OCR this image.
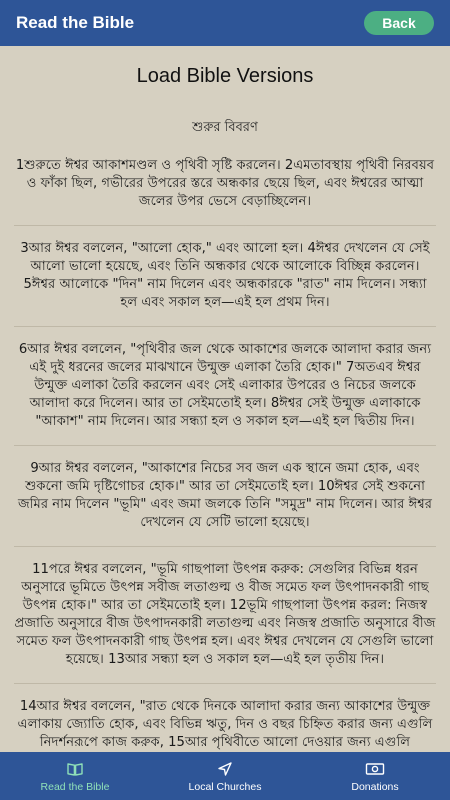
Read the Bible	Back
Load Bible Versions
শুরুর বিবরণ

1শুরুতে ঈশ্বর আকাশমণ্ডল ও পৃথিবী সৃষ্টি করলেন। 2এমতাবস্থায় পৃথিবী নিরবয়ব ও ফাঁকা ছিল, গভীরের উপরের স্তরে অন্ধকার ছেয়ে ছিল, এবং ঈশ্বরের আত্মা জলের উপর ভেসে বেড়াচ্ছিলেন।

3আর ঈশ্বর বললেন, "আলো হোক," এবং আলো হল। 4ঈশ্বর দেখলেন যে সেই আলো ভালো হয়েছে, এবং তিনি অন্ধকার থেকে আলোকে বিচ্ছিন্ন করলেন। 5ঈশ্বর আলোকে "দিন" নাম দিলেন এবং অন্ধকারকে "রাত" নাম দিলেন। সন্ধ্যা হল এবং সকাল হল—এই হল প্রথম দিন।

6আর ঈশ্বর বললেন, "পৃথিবীর জল থেকে আকাশের জলকে আলাদা করার জন্য এই দুই ধরনের জলের মাঝখানে উন্মুক্ত এলাকা তৈরি হোক।" 7অতএব ঈশ্বর উন্মুক্ত এলাকা তৈরি করলেন এবং সেই এলাকার উপরের ও নিচের জলকে আলাদা করে দিলেন। আর তা সেইমতোই হল। 8ঈশ্বর সেই উন্মুক্ত এলাকাকে "আকাশ" নাম দিলেন। আর সন্ধ্যা হল ও সকাল হল—এই হল দ্বিতীয় দিন।

9আর ঈশ্বর বললেন, "আকাশের নিচের সব জল এক স্থানে জমা হোক, এবং শুকনো জমি দৃষ্টিগোচর হোক।" আর তা সেইমতোই হল। 10ঈশ্বর সেই শুকনো জমির নাম দিলেন "ভূমি" এবং জমা জলকে তিনি "সমুদ্র" নাম দিলেন। আর ঈশ্বর দেখলেন যে সেটি ভালো হয়েছে।

11পরে ঈশ্বর বললেন, "ভূমি গাছপালা উৎপন্ন করুক: সেগুলির বিভিন্ন ধরন অনুসারে ভূমিতে উৎপন্ন সবীজ লতাগুল্ম ও বীজ সমেত ফল উৎপাদনকারী গাছ উৎপন্ন হোক।" আর তা সেইমতোই হল। 12ভূমি গাছপালা উৎপন্ন করল: নিজস্ব প্রজাতি অনুসারে বীজ উৎপাদনকারী লতাগুল্ম এবং নিজস্ব প্রজাতি অনুসারে বীজ সমেত ফল উৎপাদনকারী গাছ উৎপন্ন হল। এবং ঈশ্বর দেখলেন যে সেগুলি ভালো হয়েছে। 13আর সন্ধ্যা হল ও সকাল হল—এই হল তৃতীয় দিন।

14আর ঈশ্বর বললেন, "রাত থেকে দিনকে আলাদা করার জন্য আকাশের উন্মুক্ত এলাকায় জ্যোতি হোক, এবং বিভিন্ন ঋতু, দিন ও বছর চিহ্নিত করার জন্য এগুলি নিদর্শনরূপে কাজ করুক, 15আর পৃথিবীতে আলো দেওয়ার জন্য এগুলি

Read the Bible	Local Churches	Donations
